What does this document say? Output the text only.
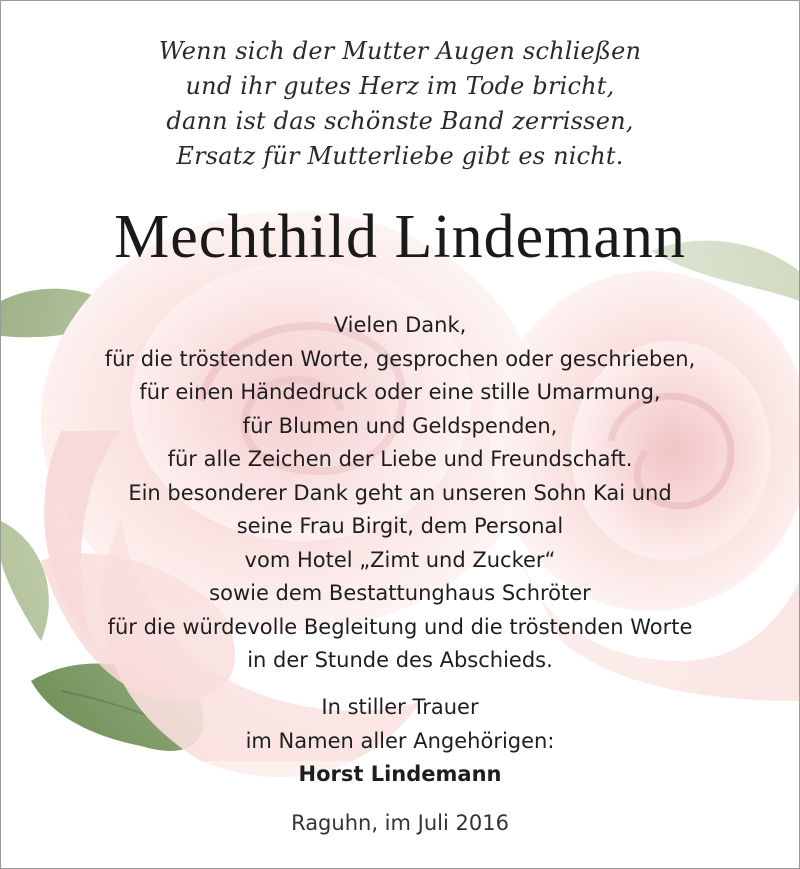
Wenn sich der Mutter Augen schließen
und ihr gutes Herz im Tode bricht,
dann ist das schönste Band zerrissen,
Ersatz für Mutterliebe gibt es nicht.
Mechthild Lindemann
Vielen Dank,
für die tröstenden Worte, gesprochen oder geschrieben,
für einen Händedruck oder eine stille Umarmung,
für Blumen und Geldspenden,
für alle Zeichen der Liebe und Freundschaft.
Ein besonderer Dank geht an unseren Sohn Kai und
seine Frau Birgit, dem Personal
vom Hotel „Zimt und Zucker“
sowie dem Bestattunghaus Schröter
für die würdevolle Begleitung und die tröstenden Worte
in der Stunde des Abschieds.
In stiller Trauer
im Namen aller Angehörigen:
Horst Lindemann
Raguhn, im Juli 2016
